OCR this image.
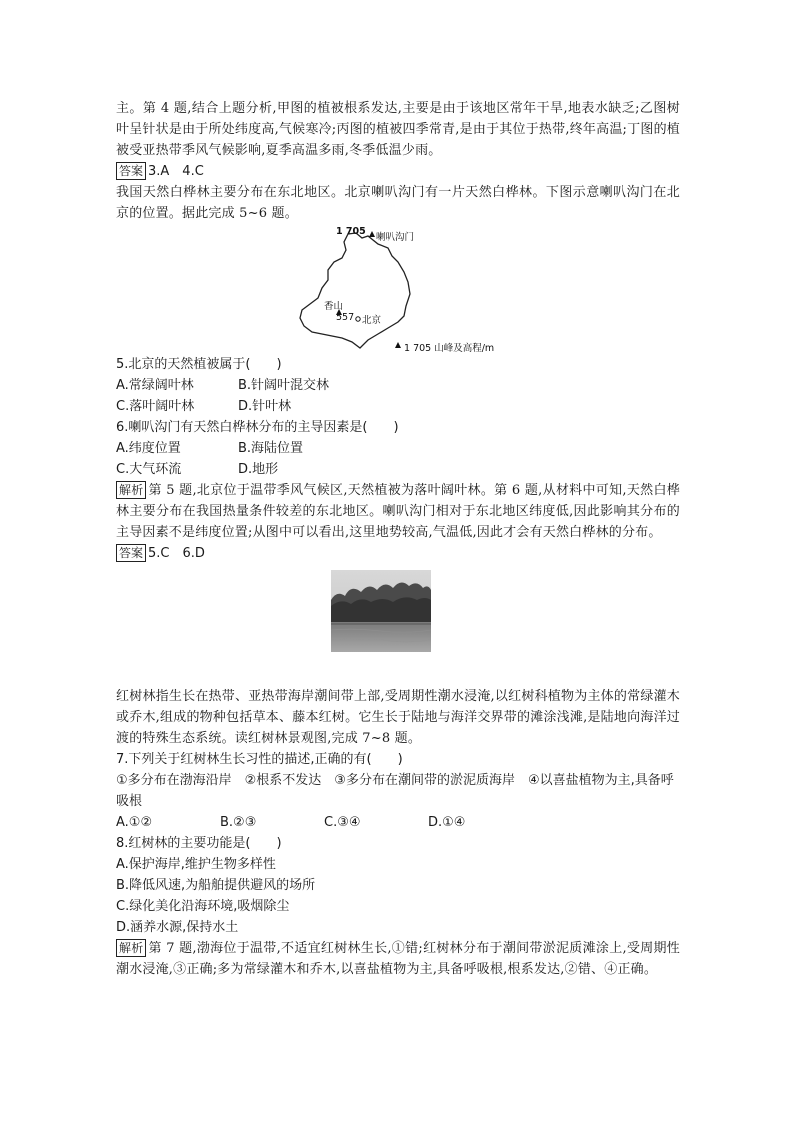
主。第 4 题,结合上题分析,甲图的植被根系发达,主要是由于该地区常年干旱,地表水缺乏;乙图树叶呈针状是由于所处纬度高,气候寒冷;丙图的植被四季常青,是由于其位于热带,终年高温;丁图的植被受亚热带季风气候影响,夏季高温多雨,冬季低温少雨。

答案 3.A　4.C

我国天然白桦林主要分布在东北地区。北京喇叭沟门有一片天然白桦林。下图示意喇叭沟门在北京的位置。据此完成 5~6 题。

1 705
喇叭沟门
香山
557 北京
1 705 山峰及高程/m

5.北京的天然植被属于(　　)

A.常绿阔叶林	B.针阔叶混交林
C.落叶阔叶林	D.针叶林

6.喇叭沟门有天然白桦林分布的主导因素是(　　)

A.纬度位置	B.海陆位置
C.大气环流	D.地形

解析 第 5 题,北京位于温带季风气候区,天然植被为落叶阔叶林。第 6 题,从材料中可知,天然白桦林主要分布在我国热量条件较差的东北地区。喇叭沟门相对于东北地区纬度低,因此影响其分布的主导因素不是纬度位置;从图中可以看出,这里地势较高,气温低,因此才会有天然白桦林的分布。

答案 5.C　6.D

红树林指生长在热带、亚热带海岸潮间带上部,受周期性潮水浸淹,以红树科植物为主体的常绿灌木或乔木,组成的物种包括草本、藤本红树。它生长于陆地与海洋交界带的滩涂浅滩,是陆地向海洋过渡的特殊生态系统。读红树林景观图,完成 7~8 题。

7.下列关于红树林生长习性的描述,正确的有(　　)

①多分布在渤海沿岸　②根系不发达　③多分布在潮间带的淤泥质海岸　④以喜盐植物为主,具备呼吸根

A.①②	B.②③	C.③④	D.①④

8.红树林的主要功能是(　　)

A.保护海岸,维护生物多样性

B.降低风速,为船舶提供避风的场所

C.绿化美化沿海环境,吸烟除尘

D.涵养水源,保持水土

解析 第 7 题,渤海位于温带,不适宜红树林生长,①错;红树林分布于潮间带淤泥质滩涂上,受周期性潮水浸淹,③正确;多为常绿灌木和乔木,以喜盐植物为主,具备呼吸根,根系发达,②错、④正确。
